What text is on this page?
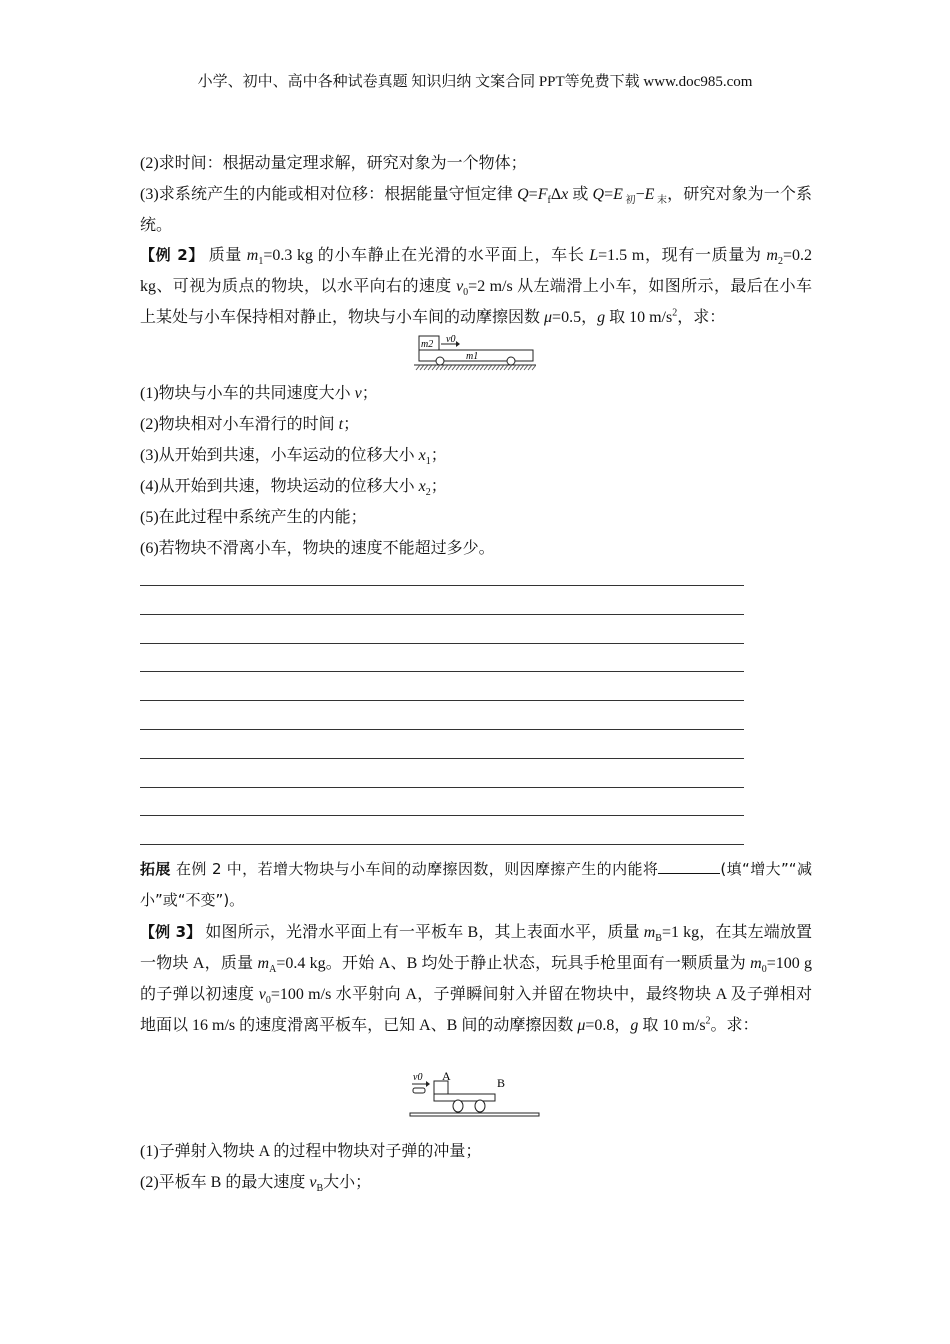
小学、初中、高中各种试卷真题 知识归纳 文案合同 PPT等免费下载 www.doc985.com

(2)求时间：根据动量定理求解，研究对象为一个物体；

(3)求系统产生的内能或相对位移：根据能量守恒定律 $Q=F_f\Delta x$ 或 Q=E $_初$−E $_末$，研究对象为一个系统。

【例 2】 质量 $m_1=0.3$ kg 的小车静止在光滑的水平面上，车长 L=1.5 m，现有一质量为 $m_2=0.2$ kg、可视为质点的物块，以水平向右的速度 $v_0=2$ m/s 从左端滑上小车，如图所示，最后在小车上某处与小车保持相对静止，物块与小车间的动摩擦因数 μ=0.5，g 取 10 $m/s^2$，求：

m2 v0
m1

(1)物块与小车的共同速度大小 v；

(2)物块相对小车滑行的时间 t；

(3)从开始到共速，小车运动的位移大小 $x_1$；

(4)从开始到共速，物块运动的位移大小 $x_2$；

(5)在此过程中系统产生的内能；

(6)若物块不滑离小车，物块的速度不能超过多少。

拓展 在例 2 中，若增大物块与小车间的动摩擦因数，则因摩擦产生的内能将	(填“增大”“减小”或“不变”)。

【例 3】 如图所示，光滑水平面上有一平板车 B，其上表面水平，质量 $m_B=1$ kg，在其左端放置一物块 A，质量 $m_A=0.4$ kg。开始 A、B 均处于静止状态，玩具手枪里面有一颗质量为 $m_0=100$ g 的子弹以初速度 $v_0=100$ m/s 水平射向 A，子弹瞬间射入并留在物块中，最终物块 A 及子弹相对地面以 16 m/s 的速度滑离平板车，已知 A、B 间的动摩擦因数 μ=0.8，g 取 10 $m/s^2$。求：

v0 A	B

(1)子弹射入物块 A 的过程中物块对子弹的冲量；

(2)平板车 B 的最大速度 $v_B$大小；
